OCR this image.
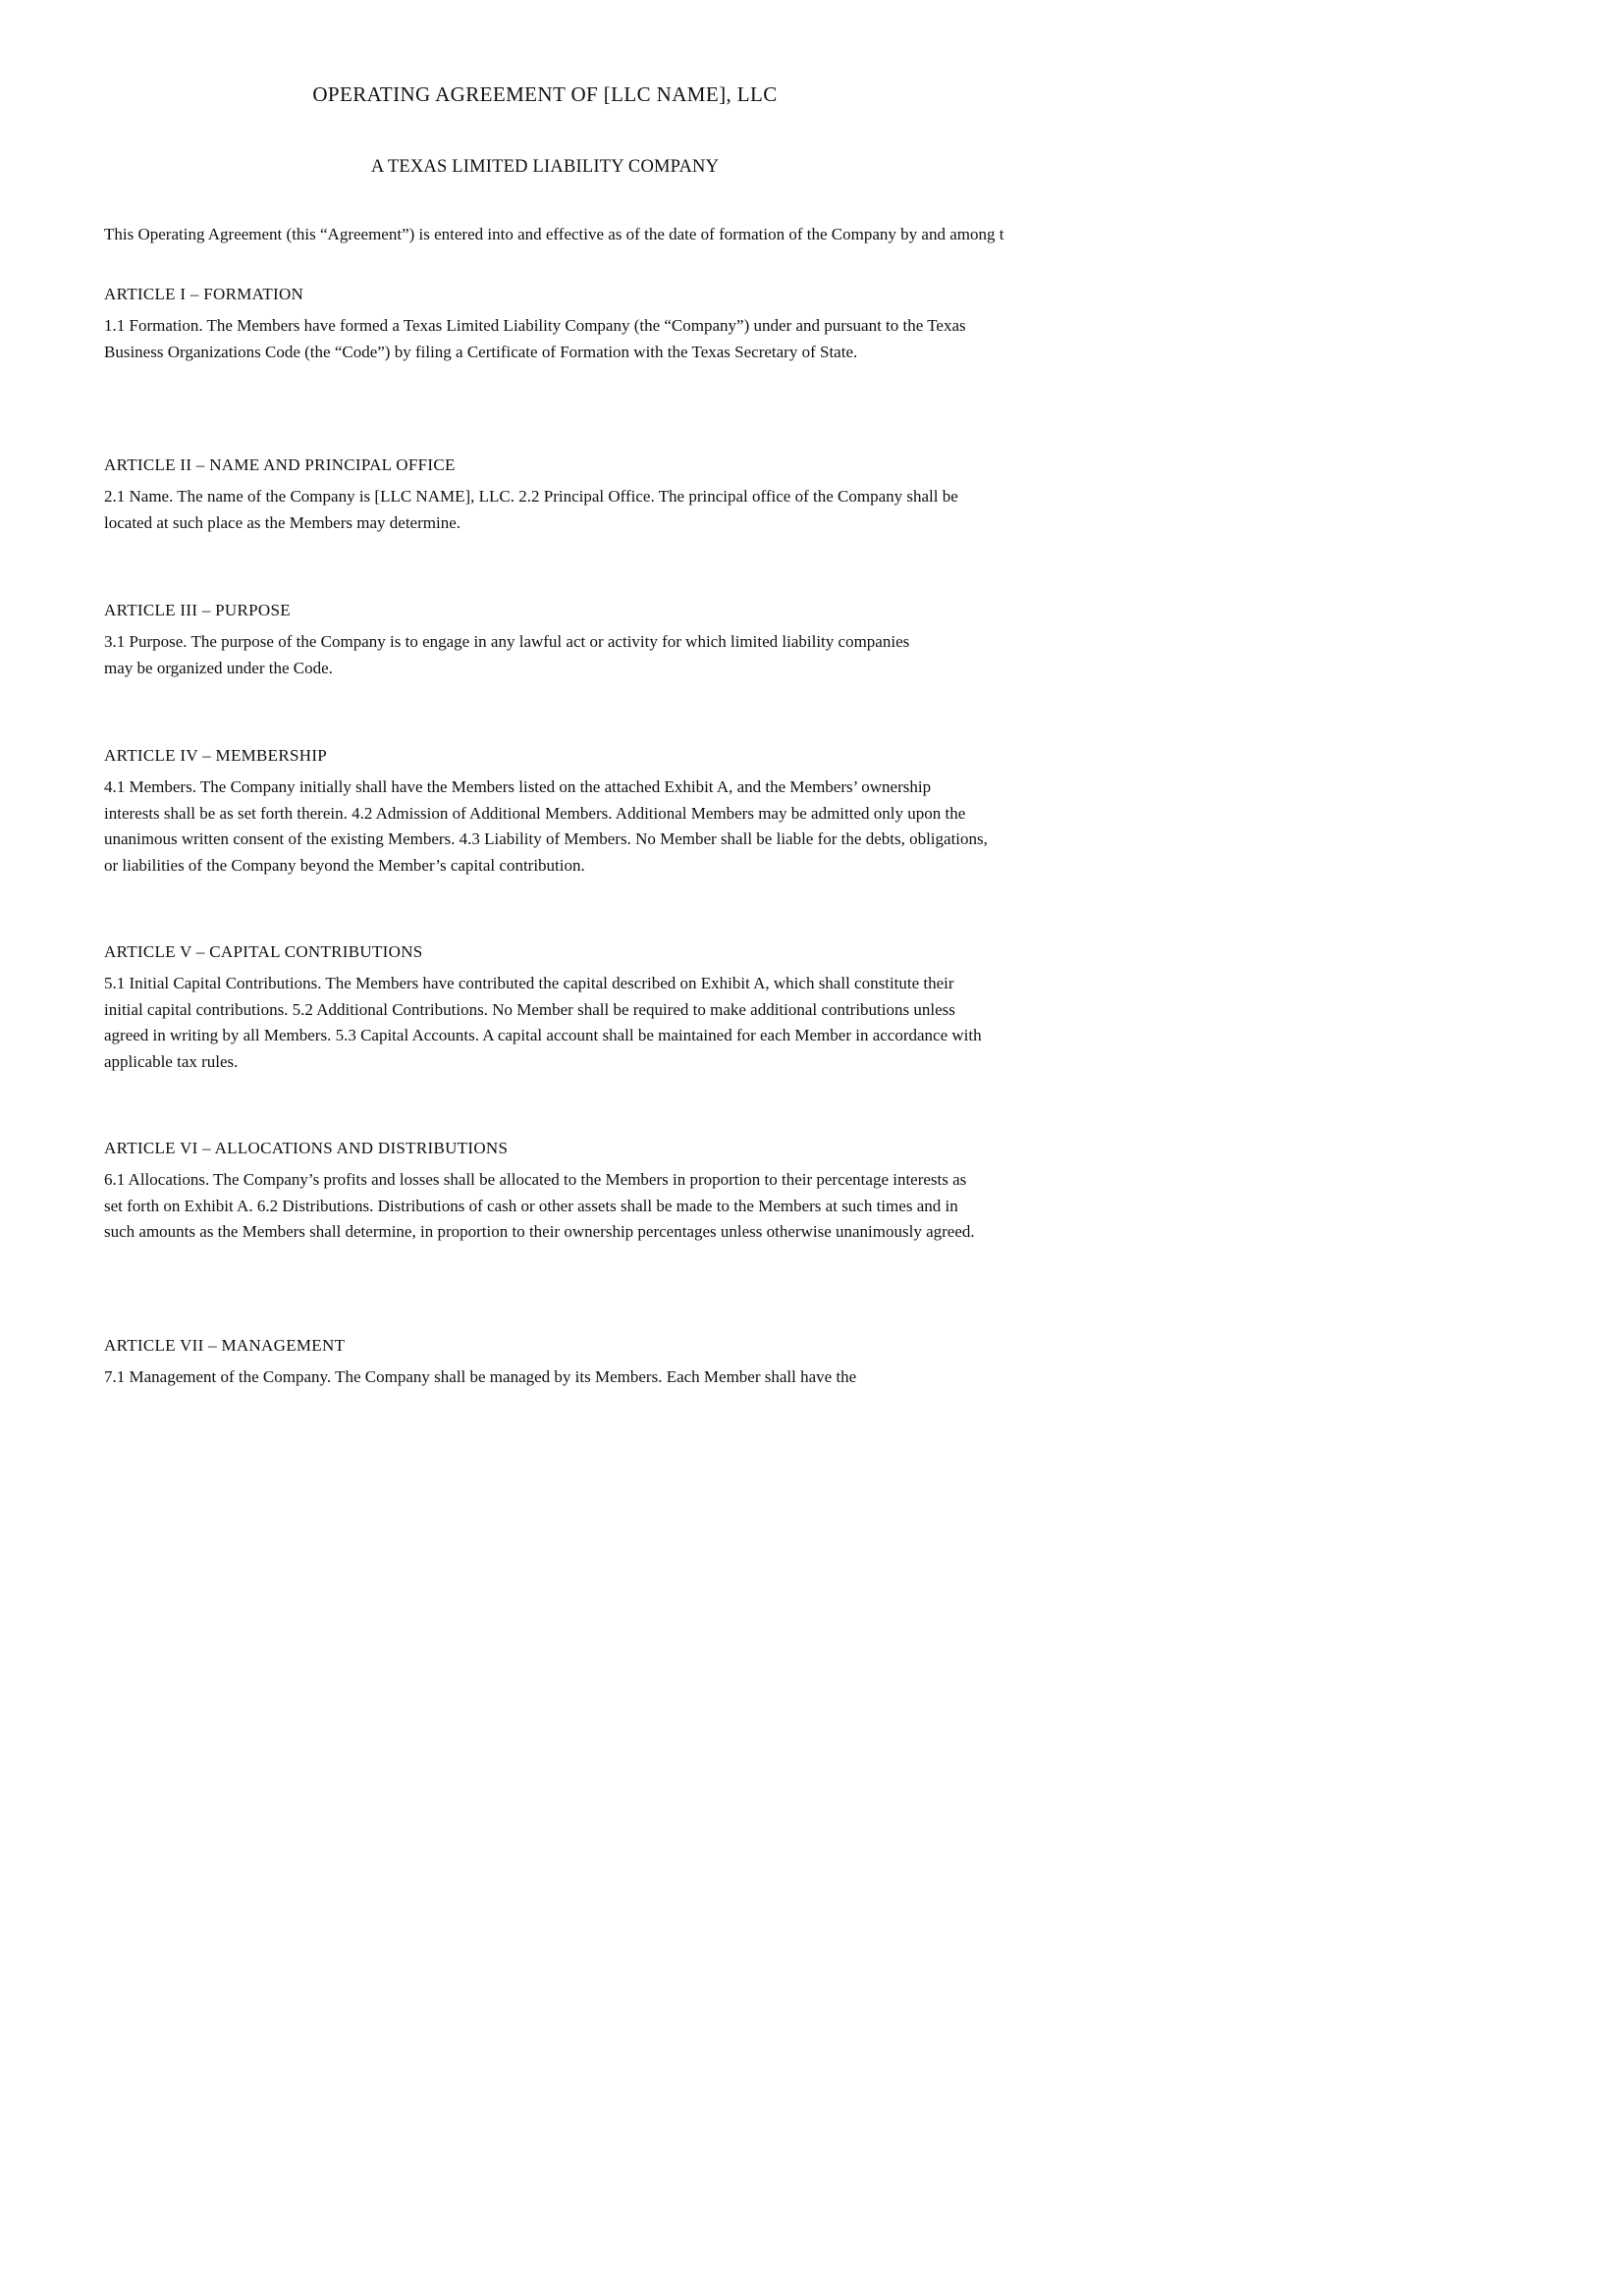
OPERATING AGREEMENT OF [LLC NAME], LLC
A TEXAS LIMITED LIABILITY COMPANY
This Operating Agreement (this “Agreement”) is entered into and effective as of the date of formation of the Company by and among t
ARTICLE I – FORMATION

1.1 Formation. The Members have formed a Texas Limited Liability Company (the “Company”) under and pursuant to the Texas Business Organizations Code (the “Code”) by filing a Certificate of Formation with the Texas Secretary of State.

ARTICLE II – NAME AND PRINCIPAL OFFICE

2.1 Name. The name of the Company is [LLC NAME], LLC. 2.2 Principal Office. The principal office of the Company shall be located at such place as the Members may determine.

ARTICLE III – PURPOSE

3.1 Purpose. The purpose of the Company is to engage in any lawful act or activity for which limited liability companies may be organized under the Code.

ARTICLE IV – MEMBERSHIP

4.1 Members. The Company initially shall have the Members listed on the attached Exhibit A, and the Members’ ownership interests shall be as set forth therein. 4.2 Admission of Additional Members. Additional Members may be admitted only upon the unanimous written consent of the existing Members. 4.3 Liability of Members. No Member shall be liable for the debts, obligations, or liabilities of the Company beyond the Member’s capital contribution.

ARTICLE V – CAPITAL CONTRIBUTIONS

5.1 Initial Capital Contributions. The Members have contributed the capital described on Exhibit A, which shall constitute their initial capital contributions. 5.2 Additional Contributions. No Member shall be required to make additional contributions unless agreed in writing by all Members. 5.3 Capital Accounts. A capital account shall be maintained for each Member in accordance with applicable tax rules.

ARTICLE VI – ALLOCATIONS AND DISTRIBUTIONS

6.1 Allocations. The Company’s profits and losses shall be allocated to the Members in proportion to their percentage interests as set forth on Exhibit A. 6.2 Distributions. Distributions of cash or other assets shall be made to the Members at such times and in such amounts as the Members shall determine, in proportion to their ownership percentages unless otherwise unanimously agreed.

ARTICLE VII – MANAGEMENT

7.1 Management of the Company. The Company shall be managed by its Members. Each Member shall have the
